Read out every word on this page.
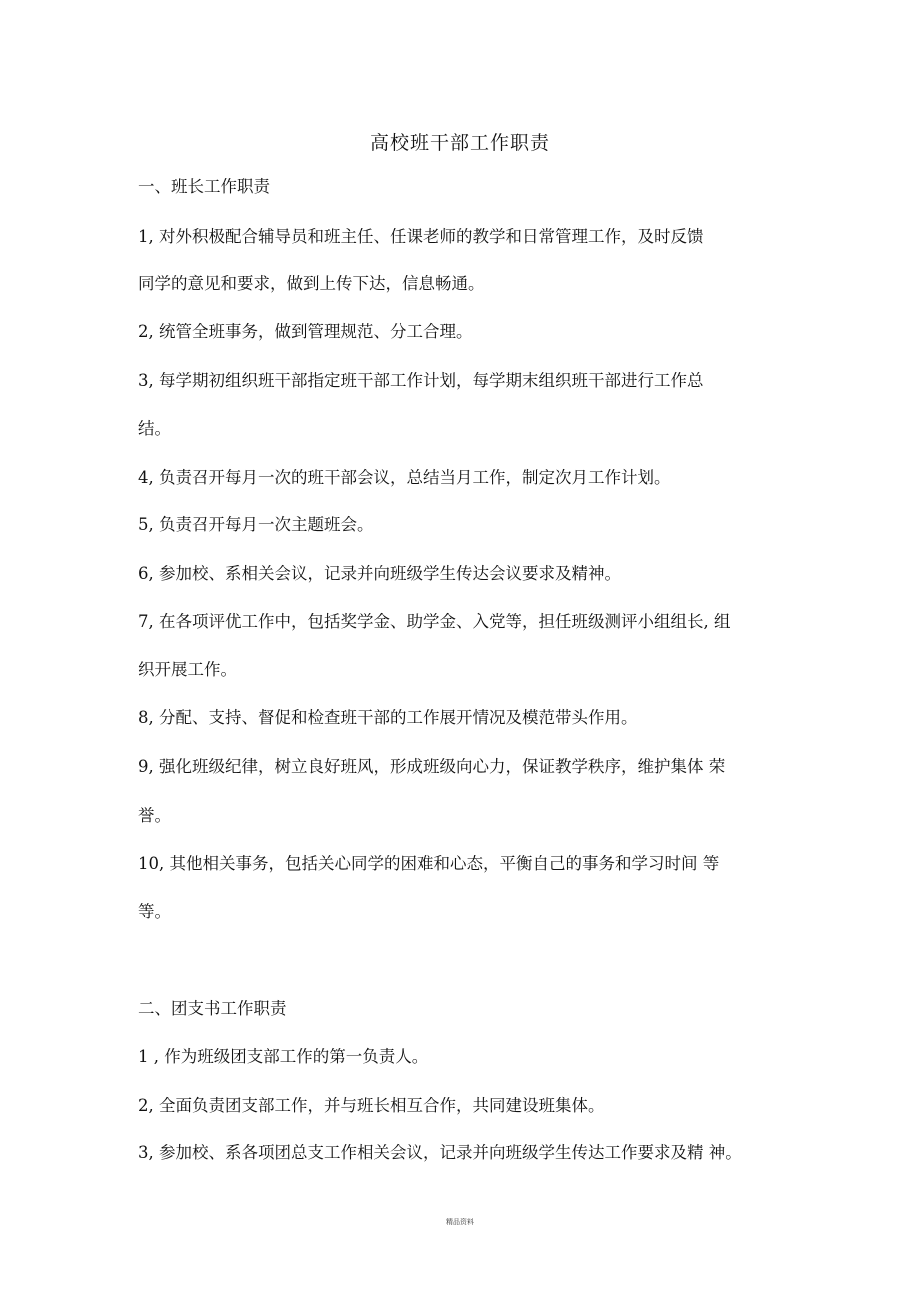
高校班干部工作职责
一、班长工作职责
1, 对外积极配合辅导员和班主任、任课老师的教学和日常管理工作，及时反馈
同学的意见和要求，做到上传下达，信息畅通。
2, 统管全班事务，做到管理规范、分工合理。
3, 每学期初组织班干部指定班干部工作计划，每学期末组织班干部进行工作总
结。
4, 负责召开每月一次的班干部会议，总结当月工作，制定次月工作计划。
5, 负责召开每月一次主题班会。
6, 参加校、系相关会议，记录并向班级学生传达会议要求及精神。
7, 在各项评优工作中，包括奖学金、助学金、入党等，担任班级测评小组组长, 组
织开展工作。
8, 分配、支持、督促和检查班干部的工作展开情况及模范带头作用。
9, 强化班级纪律，树立良好班风，形成班级向心力，保证教学秩序，维护集体 荣
誉。
10, 其他相关事务，包括关心同学的困难和心态，平衡自己的事务和学习时间 等
等。
二、团支书工作职责
1 , 作为班级团支部工作的第一负责人。
2, 全面负责团支部工作，并与班长相互合作，共同建设班集体。
3, 参加校、系各项团总支工作相关会议，记录并向班级学生传达工作要求及精 神。
精品资料
